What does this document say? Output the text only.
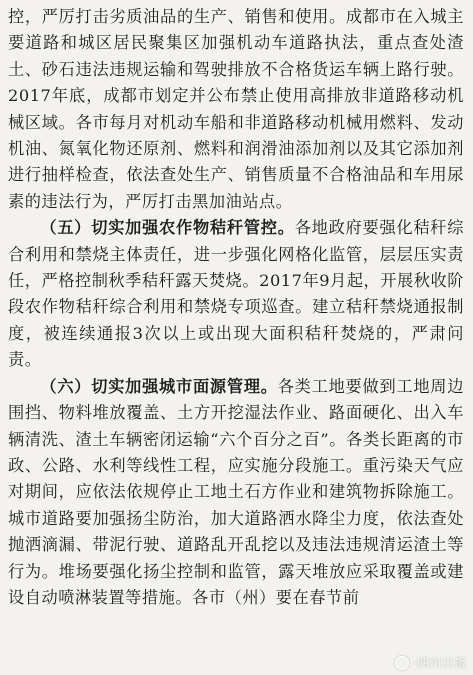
控，严厉打击劣质油品的生产、销售和使用。成都市在入城主要道路和城区居民聚集区加强机动车道路执法，重点查处渣土、砂石违法违规运输和驾驶排放不合格货运车辆上路行驶。2017年底，成都市划定并公布禁止使用高排放非道路移动机械区域。各市每月对机动车船和非道路移动机械用燃料、发动机油、氮氧化物还原剂、燃料和润滑油添加剂以及其它添加剂进行抽样检查，依法查处生产、销售质量不合格油品和车用尿素的违法行为，严厉打击黑加油站点。

（五）切实加强农作物秸秆管控。各地政府要强化秸秆综合利用和禁烧主体责任，进一步强化网格化监管，层层压实责任，严格控制秋季秸秆露天焚烧。2017年9月起，开展秋收阶段农作物秸秆综合利用和禁烧专项巡查。建立秸秆禁烧通报制度，被连续通报3次以上或出现大面积秸秆焚烧的，严肃问责。

（六）切实加强城市面源管理。各类工地要做到工地周边围挡、物料堆放覆盖、土方开挖湿法作业、路面硬化、出入车辆清洗、渣土车辆密闭运输“六个百分之百”。各类长距离的市政、公路、水利等线性工程，应实施分段施工。重污染天气应对期间，应依法依规停止工地土石方作业和建筑物拆除施工。城市道路要加强扬尘防治，加大道路洒水降尘力度，依法查处抛洒滴漏、带泥行驶、道路乱开乱挖以及违法违规清运渣土等行为。堆场要强化扬尘控制和监管，露天堆放应采取覆盖或建设自动喷淋装置等措施。各市（州）要在春节前

·四川日报
